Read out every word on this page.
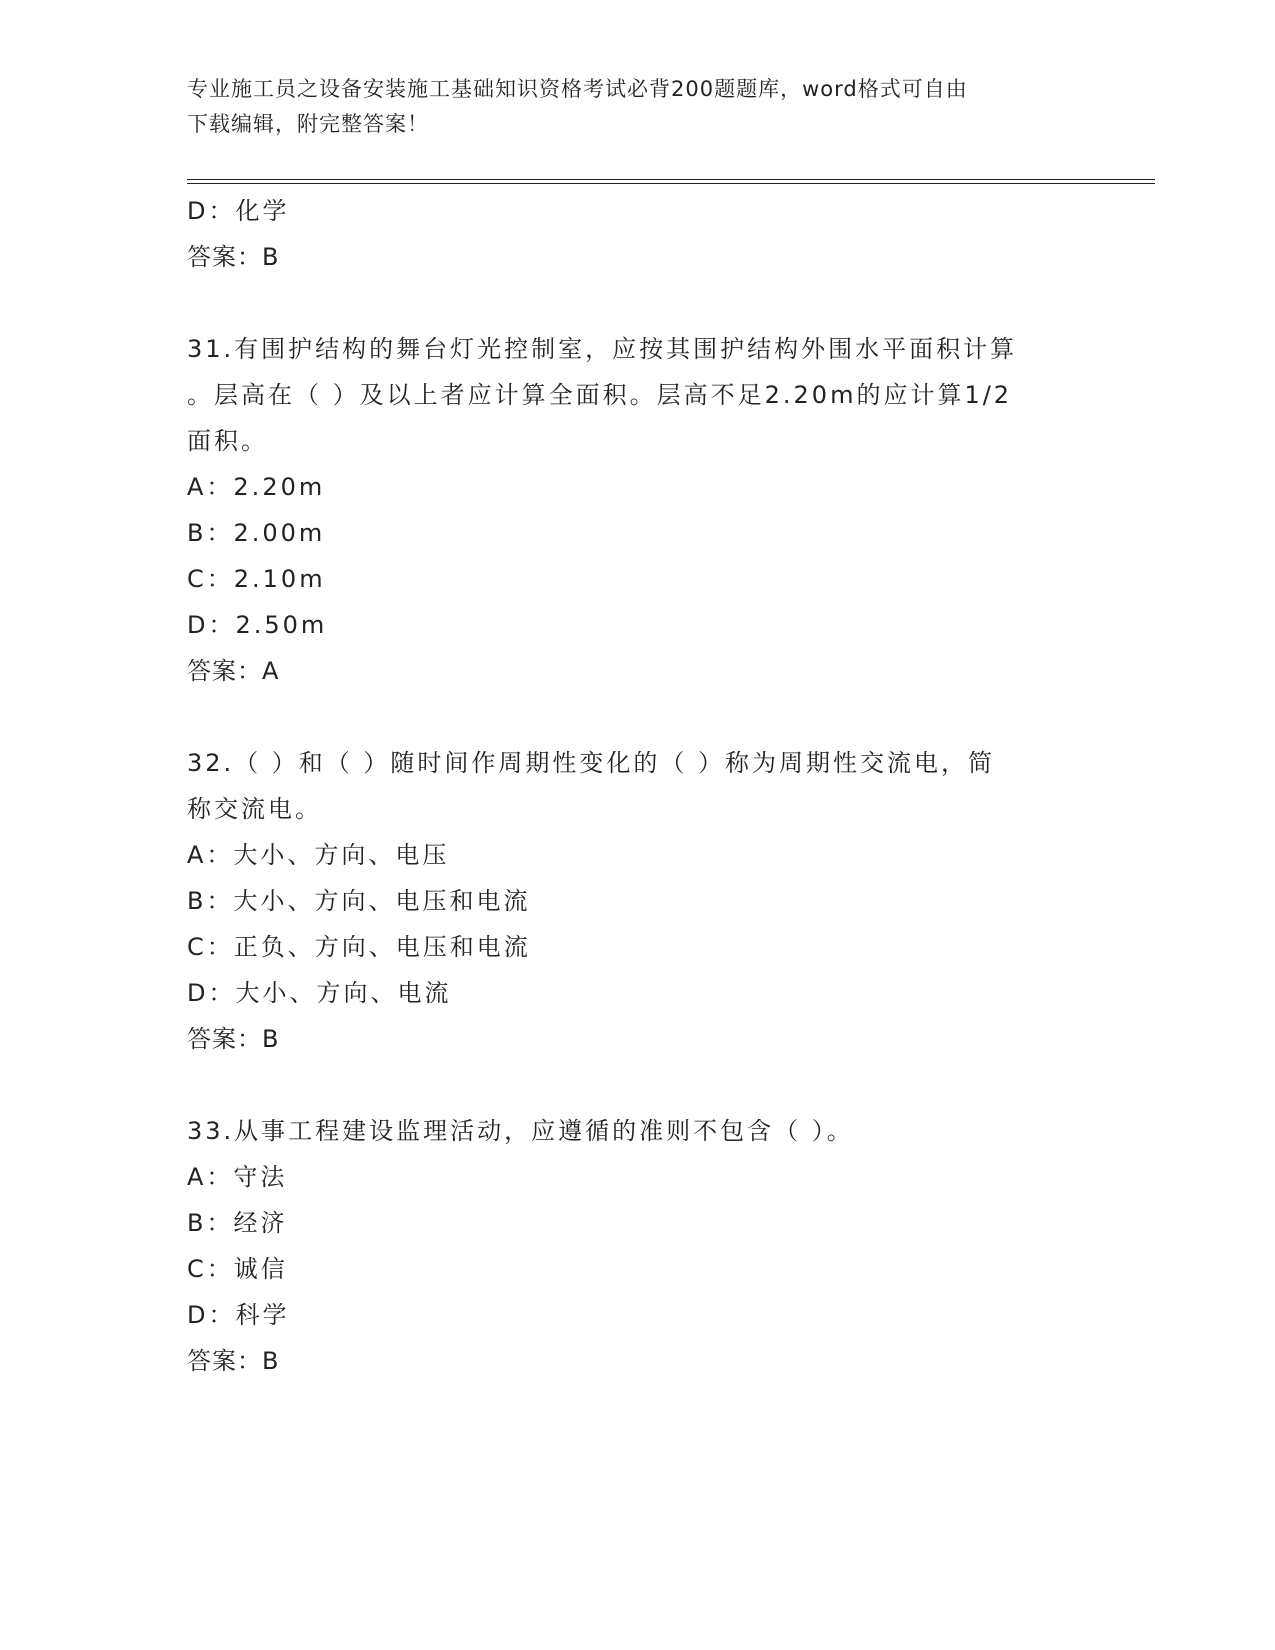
专业施工员之设备安装施工基础知识资格考试必背200题题库，word格式可自由
下载编辑，附完整答案！
D：化学
答案：B
31.有围护结构的舞台灯光控制室，应按其围护结构外围水平面积计算
。层高在（ ）及以上者应计算全面积。层高不足2.20m的应计算1/2
面积。
A：2.20m
B：2.00m
C：2.10m
D：2.50m
答案：A
32.（ ）和（ ）随时间作周期性变化的（ ）称为周期性交流电，简
称交流电。
A：大小、方向、电压
B：大小、方向、电压和电流
C：正负、方向、电压和电流
D：大小、方向、电流
答案：B
33.从事工程建设监理活动，应遵循的准则不包含（ ）。
A：守法
B：经济
C：诚信
D：科学
答案：B
